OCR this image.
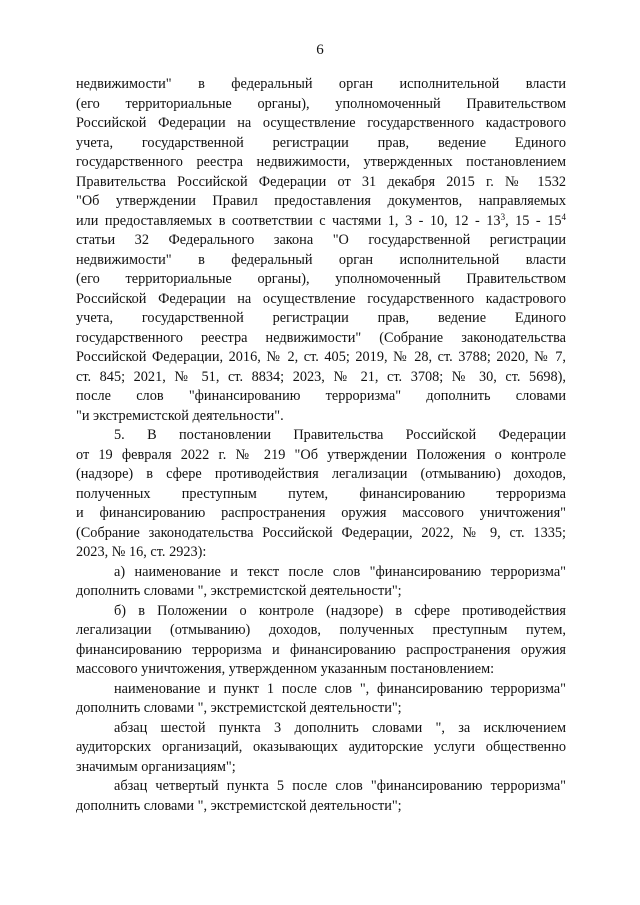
6
недвижимости" в федеральный орган исполнительной власти
(его территориальные органы), уполномоченный Правительством
Российской Федерации на осуществление государственного кадастрового
учета, государственной регистрации прав, ведение Единого
государственного реестра недвижимости, утвержденных постановлением
Правительства Российской Федерации от 31 декабря 2015 г. № 1532
"Об утверждении Правил предоставления документов, направляемых
или предоставляемых в соответствии с частями 1, 3 - 10, $12 - 13^3$, $15 - 15^4$
статьи 32 Федерального закона "О государственной регистрации
недвижимости" в федеральный орган исполнительной власти
(его территориальные органы), уполномоченный Правительством
Российской Федерации на осуществление государственного кадастрового
учета, государственной регистрации прав, ведение Единого
государственного реестра недвижимости" (Собрание законодательства
Российской Федерации, 2016, № 2, ст. 405; 2019, № 28, ст. 3788; 2020, № 7,
ст. 845; 2021, № 51, ст. 8834; 2023, № 21, ст. 3708; № 30, ст. 5698),
после слов "финансированию терроризма" дополнить словами
"и экстремистской деятельности".
5. В постановлении Правительства Российской Федерации
от 19 февраля 2022 г. № 219 "Об утверждении Положения о контроле
(надзоре) в сфере противодействия легализации (отмыванию) доходов,
полученных преступным путем, финансированию терроризма
и финансированию распространения оружия массового уничтожения"
(Собрание законодательства Российской Федерации, 2022, № 9, ст. 1335;
2023, № 16, ст. 2923):
а) наименование и текст после слов "финансированию терроризма"
дополнить словами ", экстремистской деятельности";
б) в Положении о контроле (надзоре) в сфере противодействия
легализации (отмыванию) доходов, полученных преступным путем,
финансированию терроризма и финансированию распространения оружия
массового уничтожения, утвержденном указанным постановлением:
наименование и пункт 1 после слов ", финансированию терроризма"
дополнить словами ", экстремистской деятельности";
абзац шестой пункта 3 дополнить словами ", за исключением
аудиторских организаций, оказывающих аудиторские услуги общественно
значимым организациям";
абзац четвертый пункта 5 после слов "финансированию терроризма"
дополнить словами ", экстремистской деятельности";
